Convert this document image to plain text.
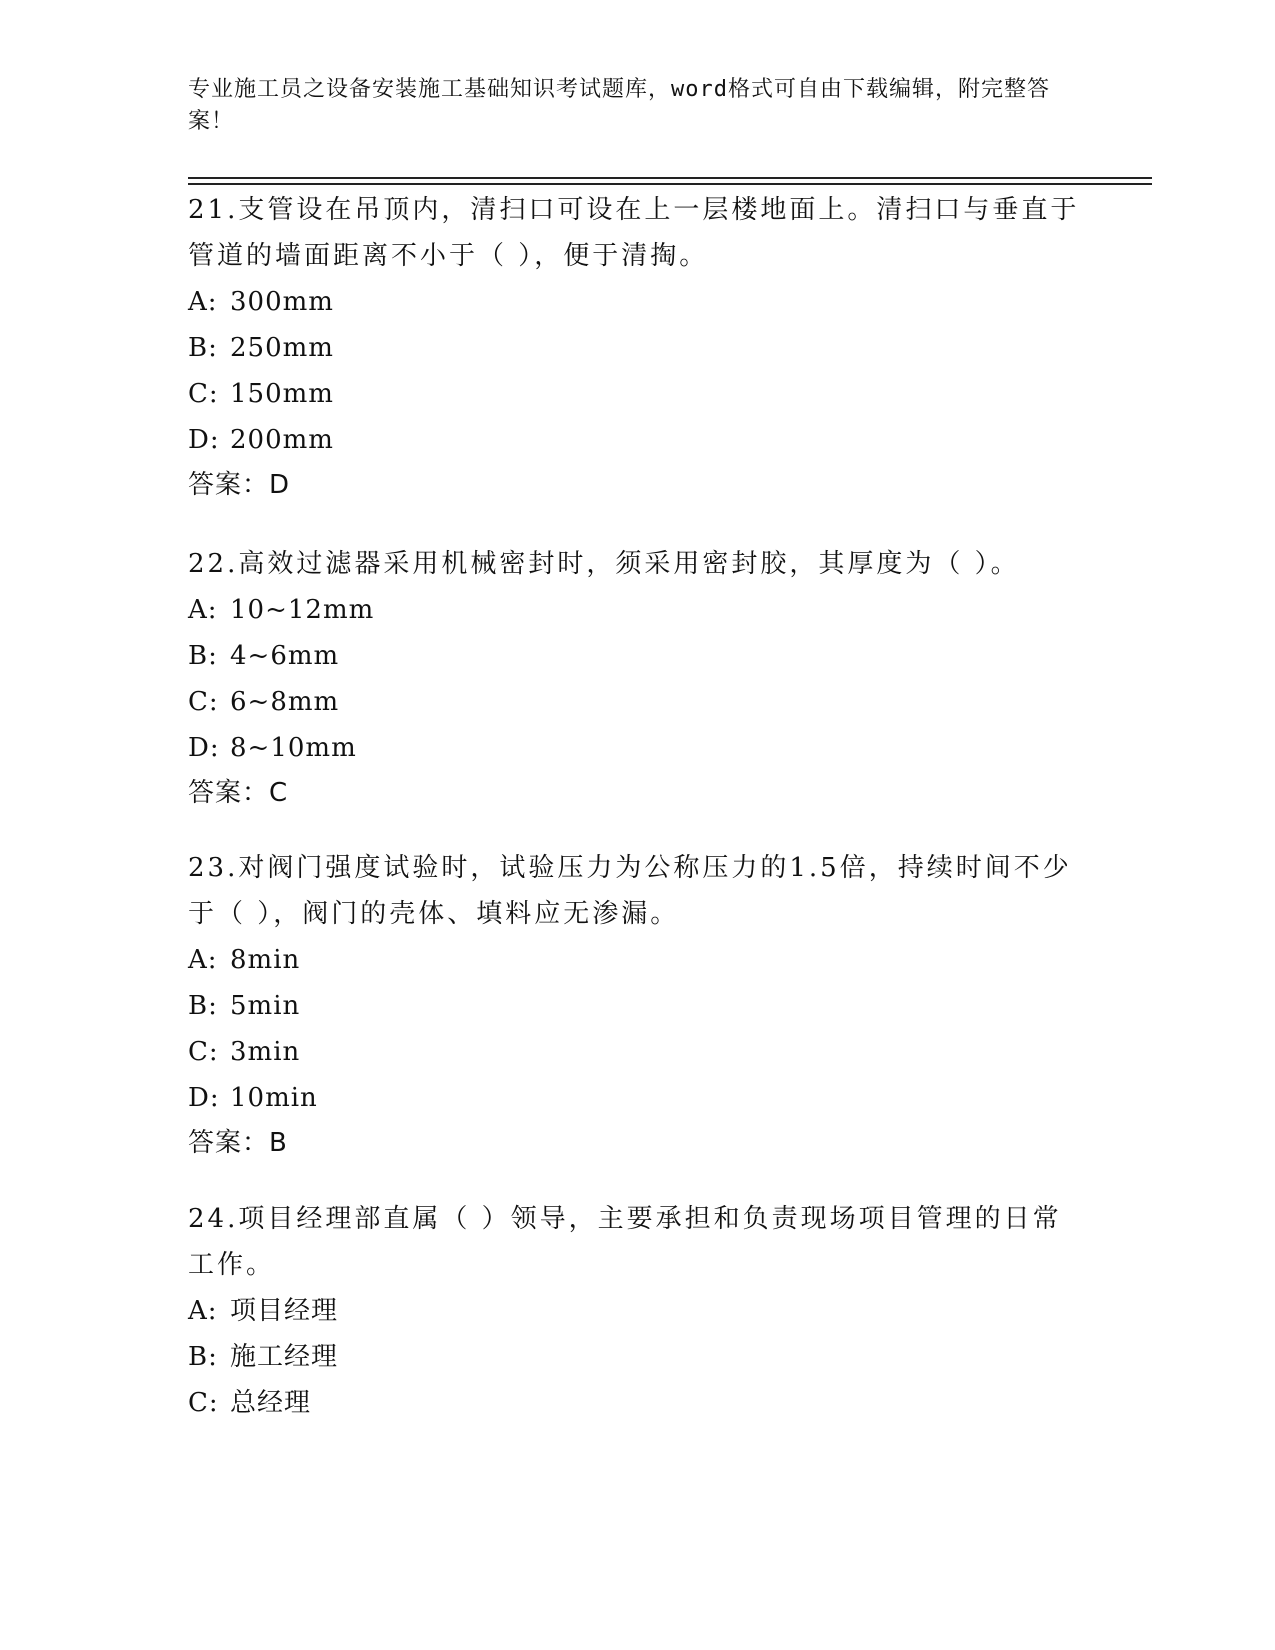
专业施工员之设备安装施工基础知识考试题库，word格式可自由下载编辑，附完整答案！

21.支管设在吊顶内，清扫口可设在上一层楼地面上。清扫口与垂直于管道的墙面距离不小于（ ），便于清掏。

A: 300mm
B: 250mm
C: 150mm
D: 200mm
答案：D

22.高效过滤器采用机械密封时，须采用密封胶，其厚度为（ ）。

A: 10~12mm
B: 4~6mm
C: 6~8mm
D: 8~10mm
答案：C

23.对阀门强度试验时，试验压力为公称压力的1.5倍，持续时间不少于（ ），阀门的壳体、填料应无渗漏。

A: 8min
B: 5min
C: 3min
D: 10min
答案：B

24.项目经理部直属（ ）领导，主要承担和负责现场项目管理的日常工作。

A: 项目经理
B: 施工经理
C: 总经理
